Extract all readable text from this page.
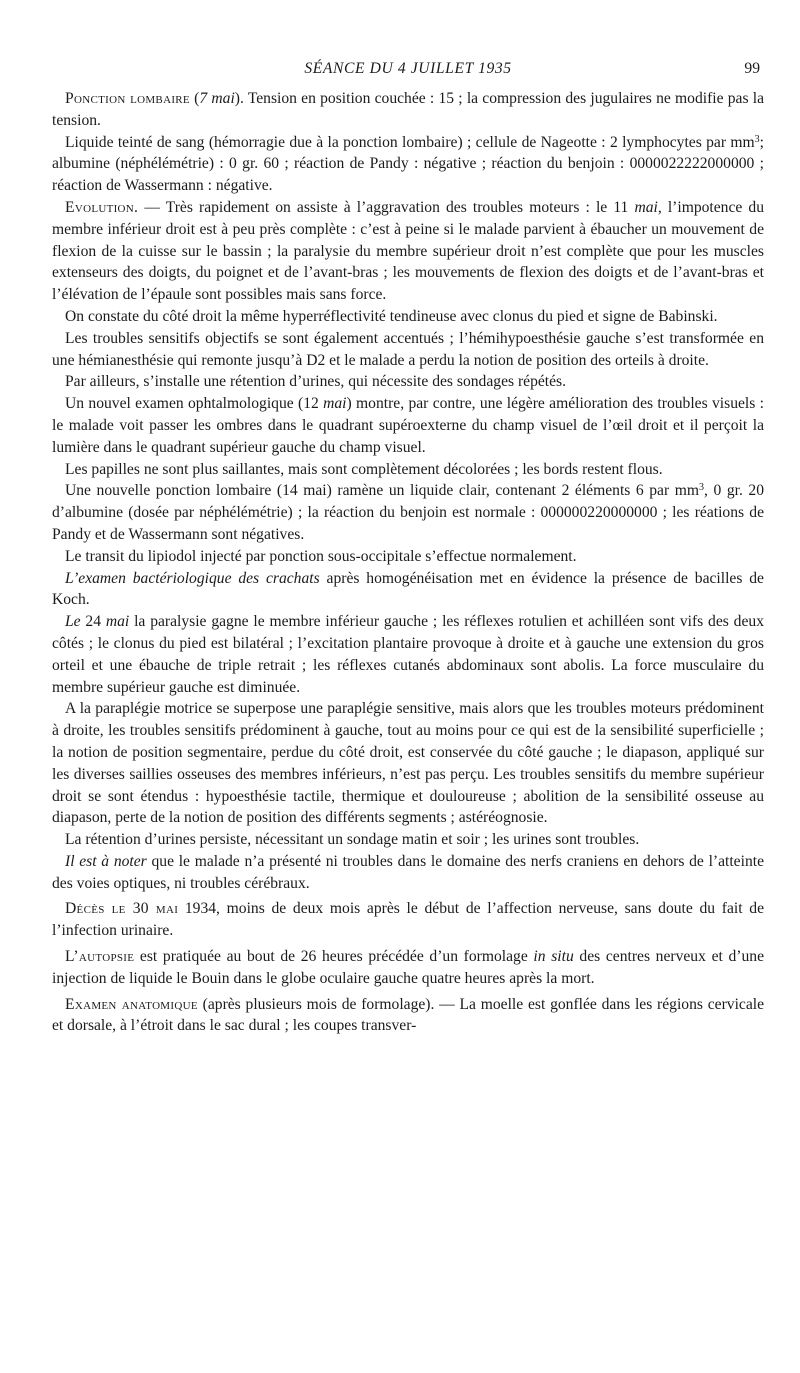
SÉANCE DU 4 JUILLET 1935	99

Ponction lombaire (7 mai). Tension en position couchée : 15 ; la compression des jugulaires ne modifie pas la tension.

Liquide teinté de sang (hémorragie due à la ponction lombaire) ; cellule de Nageotte : 2 lymphocytes par $mm^3$; albumine (néphélémétrie) : 0 gr. 60 ; réaction de Pandy : négative ; réaction du benjoin : 0000022222000000 ; réaction de Wassermann : négative.

Evolution. — Très rapidement on assiste à l’aggravation des troubles moteurs : le 11 mai, l’impotence du membre inférieur droit est à peu près complète : c’est à peine si le malade parvient à ébaucher un mouvement de flexion de la cuisse sur le bassin ; la paralysie du membre supérieur droit n’est complète que pour les muscles extenseurs des doigts, du poignet et de l’avant-bras ; les mouvements de flexion des doigts et de l’avant-bras et l’élévation de l’épaule sont possibles mais sans force.

On constate du côté droit la même hyperréflectivité tendineuse avec clonus du pied et signe de Babinski.

Les troubles sensitifs objectifs se sont également accentués ; l’hémihypoesthésie gauche s’est transformée en une hémianesthésie qui remonte jusqu’à D2 et le malade a perdu la notion de position des orteils à droite.

Par ailleurs, s’installe une rétention d’urines, qui nécessite des sondages répétés.

Un nouvel examen ophtalmologique (12 mai) montre, par contre, une légère amélioration des troubles visuels : le malade voit passer les ombres dans le quadrant supéroexterne du champ visuel de l’œil droit et il perçoit la lumière dans le quadrant supérieur gauche du champ visuel.

Les papilles ne sont plus saillantes, mais sont complètement décolorées ; les bords restent flous.

Une nouvelle ponction lombaire (14 mai) ramène un liquide clair, contenant 2 éléments 6 par $mm^3$, 0 gr. 20 d’albumine (dosée par néphélémétrie) ; la réaction du benjoin est normale : 000000220000000 ; les réations de Pandy et de Wassermann sont négatives.

Le transit du lipiodol injecté par ponction sous-occipitale s’effectue normalement.

L’examen bactériologique des crachats après homogénéisation met en évidence la présence de bacilles de Koch.

Le 24 mai la paralysie gagne le membre inférieur gauche ; les réflexes rotulien et achilléen sont vifs des deux côtés ; le clonus du pied est bilatéral ; l’excitation plantaire provoque à droite et à gauche une extension du gros orteil et une ébauche de triple retrait ; les réflexes cutanés abdominaux sont abolis. La force musculaire du membre supérieur gauche est diminuée.

A la paraplégie motrice se superpose une paraplégie sensitive, mais alors que les troubles moteurs prédominent à droite, les troubles sensitifs prédominent à gauche, tout au moins pour ce qui est de la sensibilité superficielle ; la notion de position segmentaire, perdue du côté droit, est conservée du côté gauche ; le diapason, appliqué sur les diverses saillies osseuses des membres inférieurs, n’est pas perçu. Les troubles sensitifs du membre supérieur droit se sont étendus : hypoesthésie tactile, thermique et douloureuse ; abolition de la sensibilité osseuse au diapason, perte de la notion de position des différents segments ; astéréognosie.

La rétention d’urines persiste, nécessitant un sondage matin et soir ; les urines sont troubles.

Il est à noter que le malade n’a présenté ni troubles dans le domaine des nerfs craniens en dehors de l’atteinte des voies optiques, ni troubles cérébraux.

Décès le 30 mai 1934, moins de deux mois après le début de l’affection nerveuse, sans doute du fait de l’infection urinaire.

L’autopsie est pratiquée au bout de 26 heures précédée d’un formolage in situ des centres nerveux et d’une injection de liquide le Bouin dans le globe oculaire gauche quatre heures après la mort.

Examen anatomique (après plusieurs mois de formolage). — La moelle est gonflée dans les régions cervicale et dorsale, à l’étroit dans le sac dural ; les coupes transver-
